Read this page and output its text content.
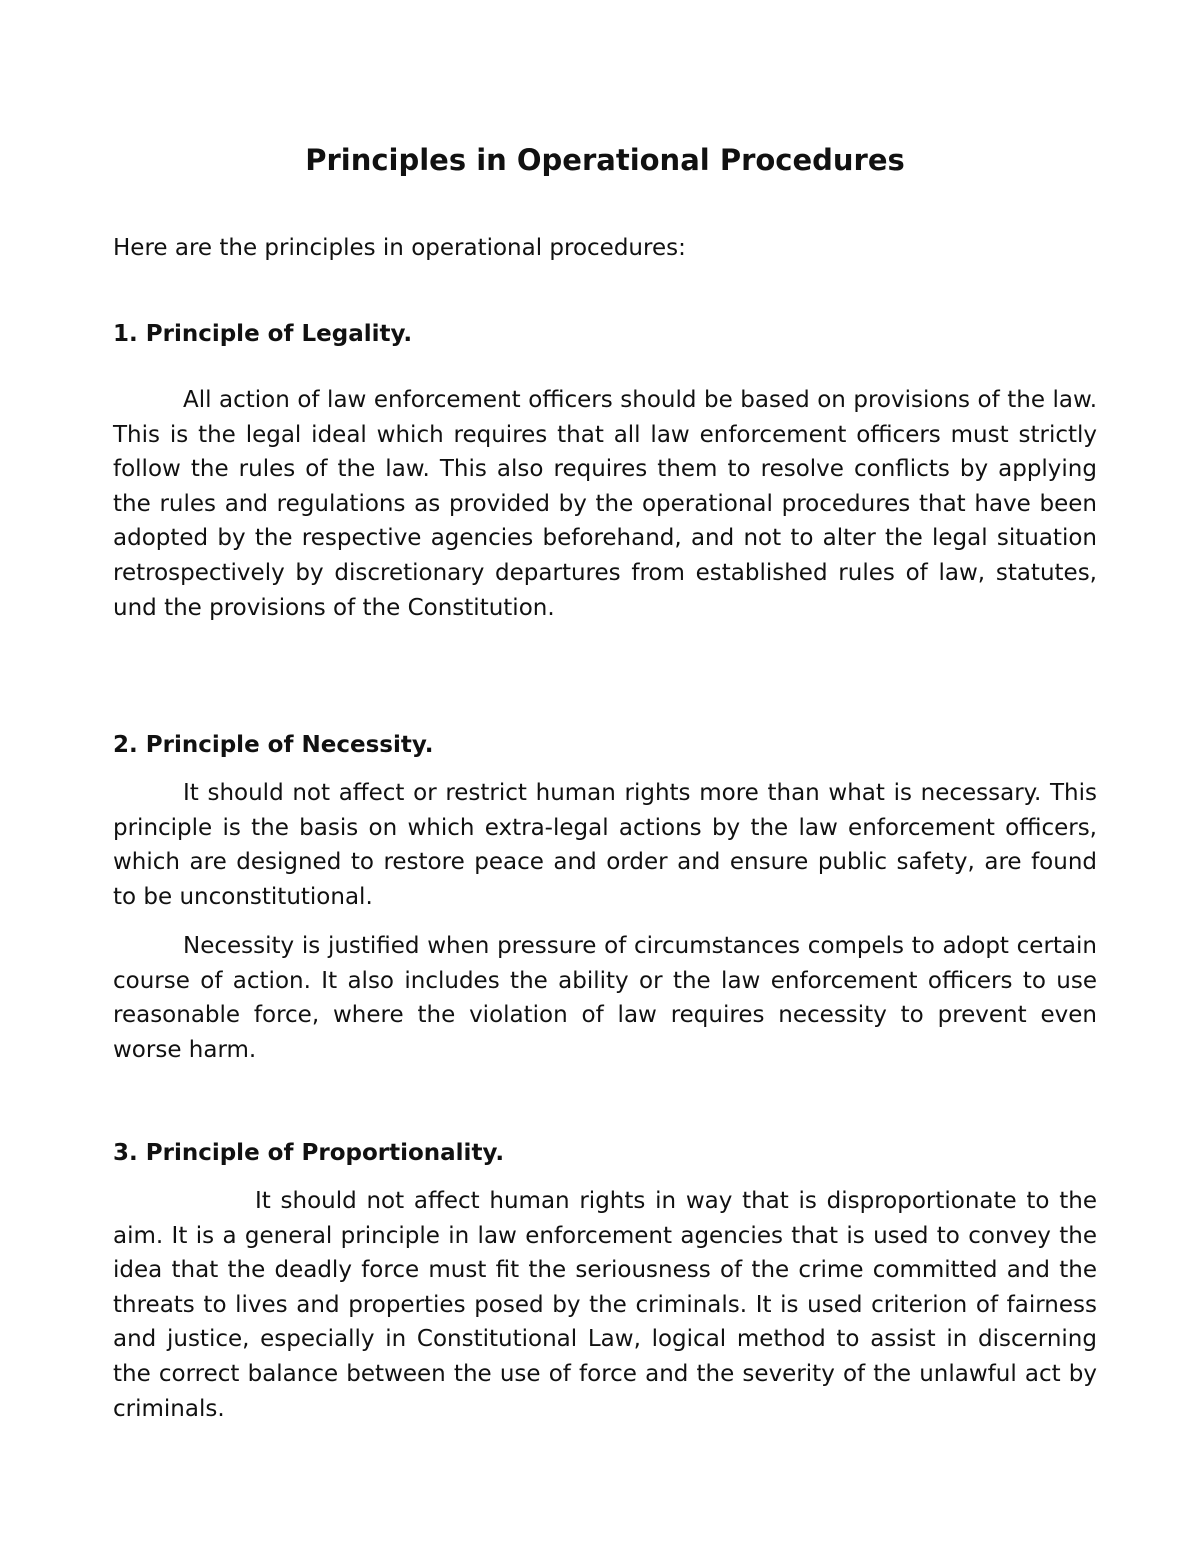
Principles in Operational Procedures

Here are the principles in operational procedures:

1. Principle of Legality.

All action of law enforcement officers should be based on provisions of the law. This is the legal ideal which requires that all law enforcement officers must strictly follow the rules of the law. This also requires them to resolve conflicts by applying the rules and regulations as provided by the operational procedures that have been adopted by the respective agencies beforehand, and not to alter the legal situation retrospectively by discretionary departures from established rules of law, statutes, und the provisions of the Constitution.

2. Principle of Necessity.

It should not affect or restrict human rights more than what is necessary. This principle is the basis on which extra-legal actions by the law enforcement officers, which are designed to restore peace and order and ensure public safety, are found to be unconstitutional.

Necessity is justified when pressure of circumstances compels to adopt certain course of action. It also includes the ability or the law enforcement officers to use reasonable force, where the violation of law requires necessity to prevent even worse harm.

3. Principle of Proportionality.

It should not affect human rights in way that is disproportionate to the aim. It is a general principle in law enforcement agencies that is used to convey the idea that the deadly force must fit the seriousness of the crime committed and the threats to lives and properties posed by the criminals. It is used criterion of fairness and justice, especially in Constitutional Law, logical method to assist in discerning the correct balance between the use of force and the severity of the unlawful act by criminals.
